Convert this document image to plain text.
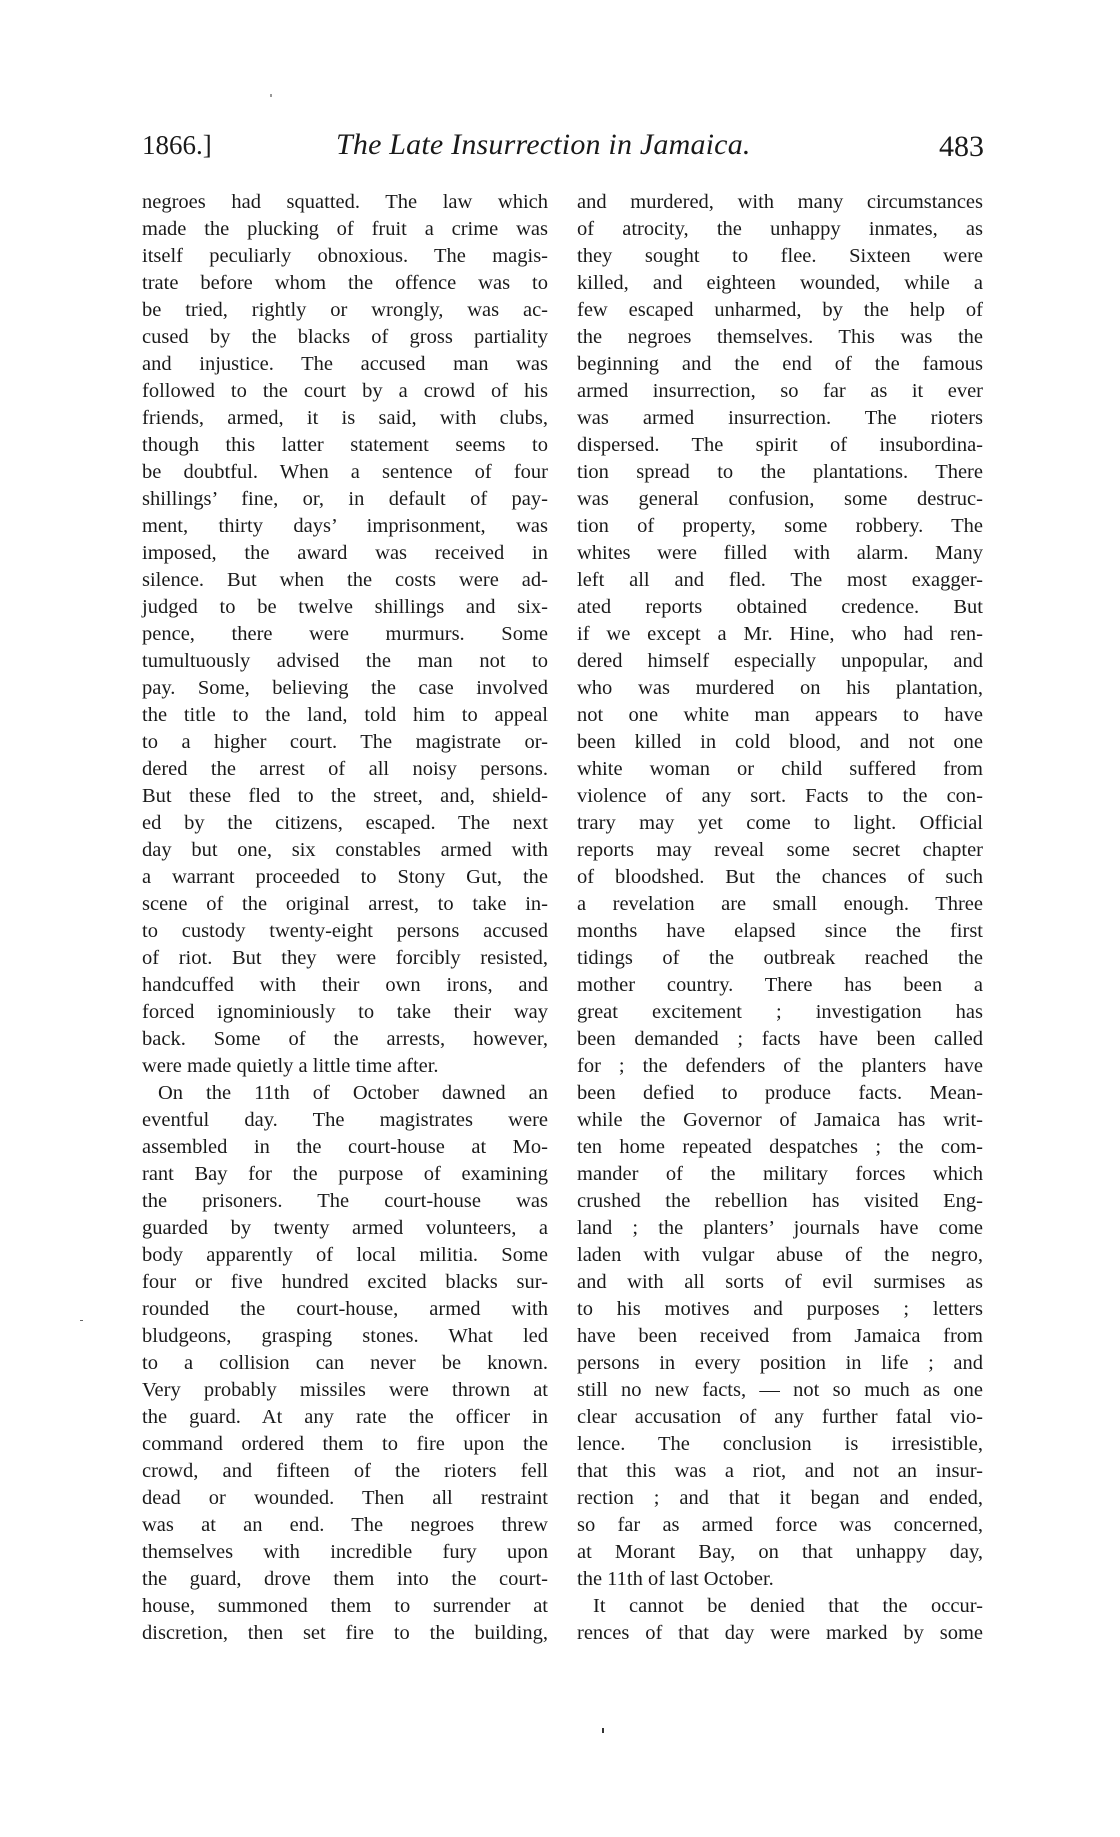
1866.]	The Late Insurrection in Jamaica.	483
negroes had squatted. The law which
made the plucking of fruit a crime was
itself peculiarly obnoxious. The magis-
trate before whom the offence was to
be tried, rightly or wrongly, was ac-
cused by the blacks of gross partiality
and injustice. The accused man was
followed to the court by a crowd of his
friends, armed, it is said, with clubs,
though this latter statement seems to
be doubtful. When a sentence of four
shillings’ fine, or, in default of pay-
ment, thirty days’ imprisonment, was
imposed, the award was received in
silence. But when the costs were ad-
judged to be twelve shillings and six-
pence, there were murmurs. Some
tumultuously advised the man not to
pay. Some, believing the case involved
the title to the land, told him to appeal
to a higher court. The magistrate or-
dered the arrest of all noisy persons.
But these fled to the street, and, shield-
ed by the citizens, escaped. The next
day but one, six constables armed with
a warrant proceeded to Stony Gut, the
scene of the original arrest, to take in-
to custody twenty-eight persons accused
of riot. But they were forcibly resisted,
handcuffed with their own irons, and
forced ignominiously to take their way
back. Some of the arrests, however,
were made quietly a little time after.
On the 11th of October dawned an
eventful day. The magistrates were
assembled in the court-house at Mo-
rant Bay for the purpose of examining
the prisoners. The court-house was
guarded by twenty armed volunteers, a
body apparently of local militia. Some
four or five hundred excited blacks sur-
rounded the court-house, armed with
bludgeons, grasping stones. What led
to a collision can never be known.
Very probably missiles were thrown at
the guard. At any rate the officer in
command ordered them to fire upon the
crowd, and fifteen of the rioters fell
dead or wounded. Then all restraint
was at an end. The negroes threw
themselves with incredible fury upon
the guard, drove them into the court-
house, summoned them to surrender at
discretion, then set fire to the building,
and murdered, with many circumstances
of atrocity, the unhappy inmates, as
they sought to flee. Sixteen were
killed, and eighteen wounded, while a
few escaped unharmed, by the help of
the negroes themselves. This was the
beginning and the end of the famous
armed insurrection, so far as it ever
was armed insurrection. The rioters
dispersed. The spirit of insubordina-
tion spread to the plantations. There
was general confusion, some destruc-
tion of property, some robbery. The
whites were filled with alarm. Many
left all and fled. The most exagger-
ated reports obtained credence. But
if we except a Mr. Hine, who had ren-
dered himself especially unpopular, and
who was murdered on his plantation,
not one white man appears to have
been killed in cold blood, and not one
white woman or child suffered from
violence of any sort. Facts to the con-
trary may yet come to light. Official
reports may reveal some secret chapter
of bloodshed. But the chances of such
a revelation are small enough. Three
months have elapsed since the first
tidings of the outbreak reached the
mother country. There has been a
great excitement ; investigation has
been demanded ; facts have been called
for ; the defenders of the planters have
been defied to produce facts. Mean-
while the Governor of Jamaica has writ-
ten home repeated despatches ; the com-
mander of the military forces which
crushed the rebellion has visited Eng-
land ; the planters’ journals have come
laden with vulgar abuse of the negro,
and with all sorts of evil surmises as
to his motives and purposes ; letters
have been received from Jamaica from
persons in every position in life ; and
still no new facts, — not so much as one
clear accusation of any further fatal vio-
lence. The conclusion is irresistible,
that this was a riot, and not an insur-
rection ; and that it began and ended,
so far as armed force was concerned,
at Morant Bay, on that unhappy day,
the 11th of last October.
It cannot be denied that the occur-
rences of that day were marked by some
